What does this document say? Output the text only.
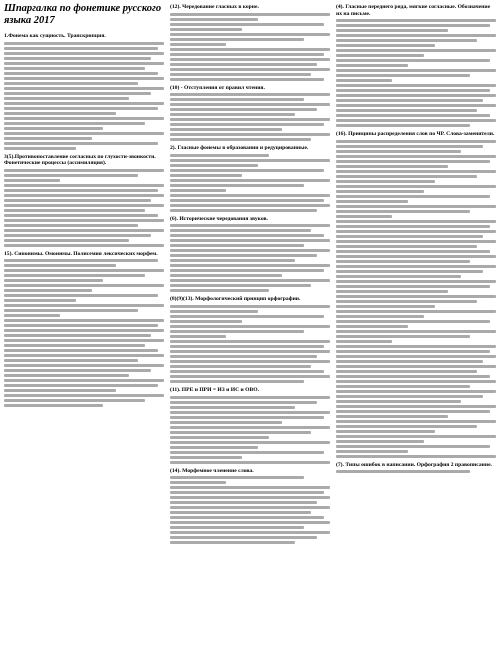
Шпаргалка по фонетике русского языка 2017
1.Фонема как сущность. Транскрипция.
3(5).Противопоставление согласных по глухости-звонкости. Фонетические процессы (ассимиляция).
15). Синонимы. Омонимы. Полисемия лексических морфем.
(12). Чередование гласных в корне.
(10) - Отступления от правил чтения.
2). Гласные фонемы в образовании и редуцированные.
(6). Исторические чередования звуков.
(8)(9)(13). Морфологический принцип орфографии.
(11). ПРЕ и ПРИ = ИЗ и ИС и ОВО.
(14). Морфемное членение слова.
(4). Гласные переднего ряда, мягкие согласные. Обозначение их на письме.
(16). Принципы распределения слов по ЧР. Слова-заменители.
(7). Типы ошибок в написании. Орфография 2 правописание.
